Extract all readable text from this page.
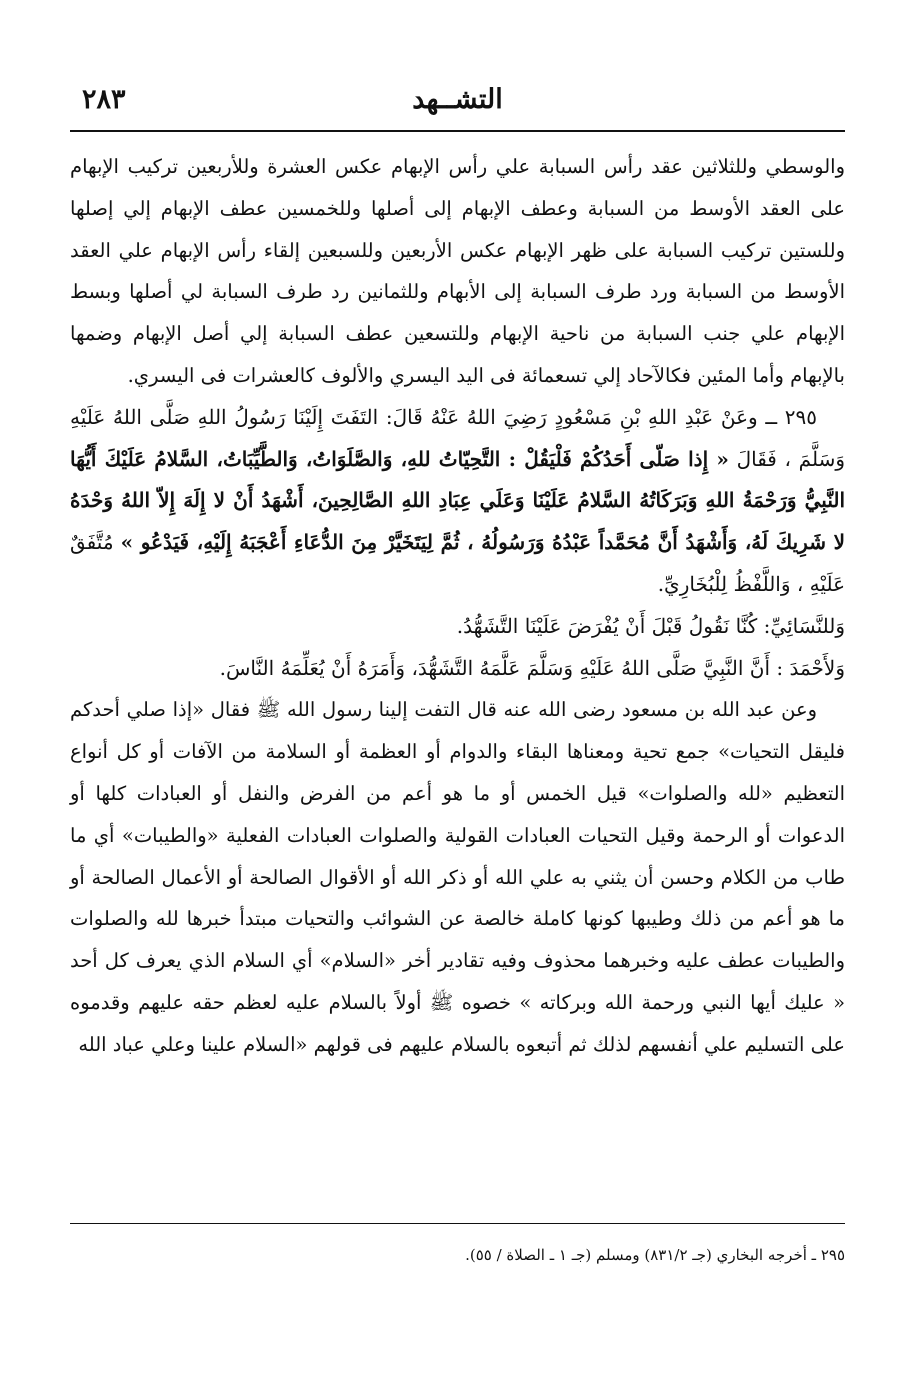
التشــهد
٢٨٣

والوسطي وللثلاثين عقد رأس السبابة علي رأس الإبهام عكس العشرة وللأربعين تركيب الإبهام على العقد الأوسط من السبابة وعطف الإبهام إلى أصلها وللخمسين عطف الإبهام إلي إصلها وللستين تركيب السبابة على ظهر الإبهام عكس الأربعين وللسبعين إلقاء رأس الإبهام علي العقد الأوسط من السبابة ورد طرف السبابة إلى الأبهام وللثمانين رد طرف السبابة لي أصلها وبسط الإبهام علي جنب السبابة من ناحية الإبهام وللتسعين عطف السبابة إلي أصل الإبهام وضمها بالإبهام وأما المئين فكالآحاد إلي تسعمائة فى اليد اليسري والألوف كالعشرات فى اليسري.

٢٩٥ ــ وعَنْ عَبْدِ اللهِ بْنِ مَسْعُودٍ رَضِيَ اللهُ عَنْهُ قَالَ: التَفَتَ إِلَيْنَا رَسُولُ اللهِ صَلَّى اللهُ عَلَيْهِ وَسَلَّمَ ، فَقَالَ « إِذا صَلّى أَحَدُكُمْ فَلْيَقُلْ : التَّحِيّاتُ للهِ، وَالصَّلَوَاتُ، وَالطَّيِّبَاتُ، السَّلامُ عَلَيْكَ أَيُّهَا النَّبِيُّ وَرَحْمَةُ اللهِ وَبَرَكَاتُهُ السَّلامُ عَلَيْنَا وَعَلَي عِبَادِ اللهِ الصَّالِحِينَ، أَشْهَدُ أَنْ لا إِلَهَ إِلاّ اللهُ وَحْدَهُ لا شَرِيكَ لَهُ، وَأَشْهَدُ أَنَّ مُحَمَّداً عَبْدُهُ وَرَسُولُهُ ، ثُمَّ لِيَتَخَيَّرْ مِنَ الدُّعَاءِ أَعْجَبَهُ إِلَيْهِ، فَيَدْعُو » مُتَّفَقٌ عَلَيْهِ ، وَاللَّفْظُ لِلْبُخَارِيِّ.

وَللنَّسَائِيِّ: كُنَّا نَقُولُ قَبْلَ أَنْ يُفْرَضَ عَلَيْنَا التَّشَهُّدُ.

وَلأَحْمَدَ : أَنَّ النَّبِيَّ صَلَّى اللهُ عَلَيْهِ وَسَلَّمَ عَلَّمَهُ التَّشَهُّدَ، وَأَمَرَهُ أَنْ يُعَلِّمَهُ النَّاسَ.

وعن عبد الله بن مسعود رضى الله عنه قال التفت إلينا رسول الله ﷺ فقال «إذا صلي أحدكم فليقل التحيات» جمع تحية ومعناها البقاء والدوام أو العظمة أو السلامة من الآفات أو كل أنواع التعظيم «لله والصلوات» قيل الخمس أو ما هو أعم من الفرض والنفل أو العبادات كلها أو الدعوات أو الرحمة وقيل التحيات العبادات القولية والصلوات العبادات الفعلية «والطيبات» أي ما طاب من الكلام وحسن أن يثني به علي الله أو ذكر الله أو الأقوال الصالحة أو الأعمال الصالحة أو ما هو أعم من ذلك وطيبها كونها كاملة خالصة عن الشوائب والتحيات مبتدأ خبرها لله والصلوات والطيبات عطف عليه وخبرهما محذوف وفيه تقادير أخر «السلام» أي السلام الذي يعرف كل أحد « عليك أيها النبي ورحمة الله وبركاته » خصوه ﷺ أولاً بالسلام عليه لعظم حقه عليهم وقدموه على التسليم علي أنفسهم لذلك ثم أتبعوه بالسلام عليهم فى قولهم «السلام علينا وعلي عباد الله

٢٩٥ ـ أخرجه البخاري (جـ ٨٣١/٢) ومسلم (جـ ١ ـ الصلاة / ٥٥).
